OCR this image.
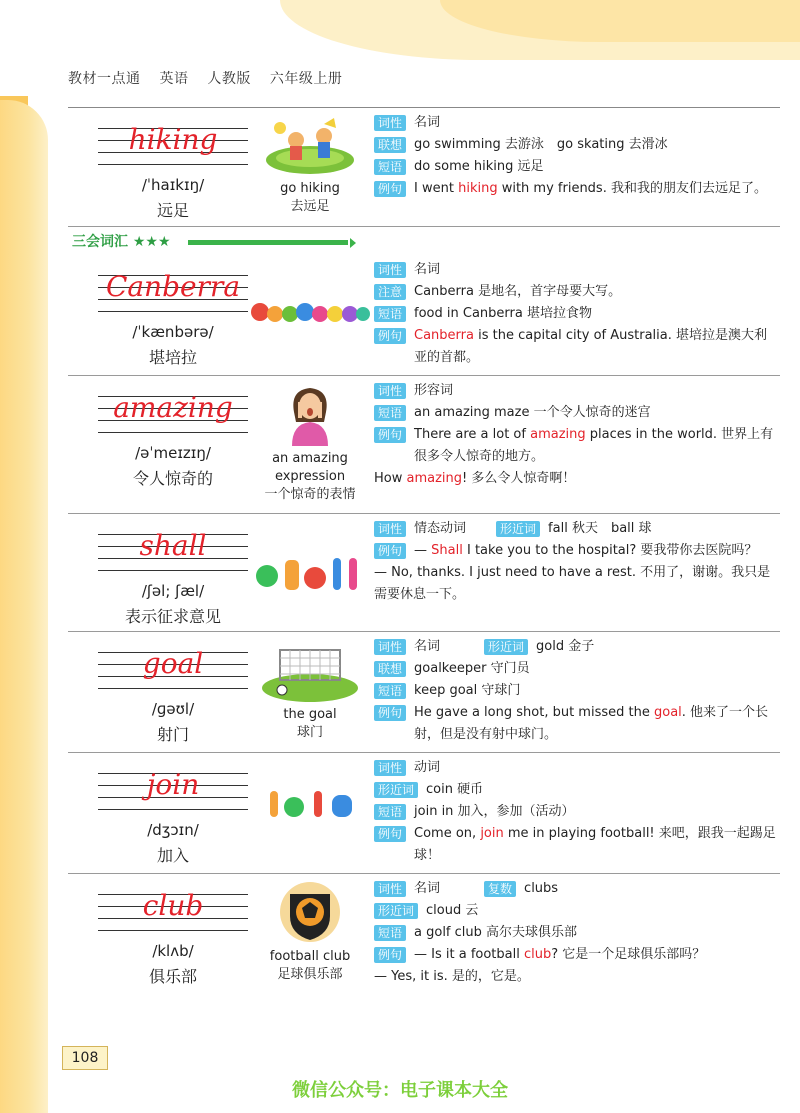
教材一点通 英语 人教版 六年级上册
hiking
/ˈhaɪkɪŋ/
远足
go hiking
去远足
词性 名词
联想 go swimming 去游泳　go skating 去滑冰
短语 do some hiking 远足
例句 I went hiking with my friends. 我和我的朋友们去远足了。
三会词汇 ★★★
Canberra
/ˈkænbərə/
堪培拉
词性 名词
注意 Canberra 是地名，首字母要大写。
短语 food in Canberra 堪培拉食物
例句 Canberra is the capital city of Australia. 堪培拉是澳大利亚的首都。
amazing
/əˈmeɪzɪŋ/
令人惊奇的
an amazing
expression
一个惊奇的表情
词性 形容词
短语 an amazing maze 一个令人惊奇的迷宫
例句 There are a lot of amazing places in the world. 世界上有很多令人惊奇的地方。
How amazing! 多么令人惊奇啊！
shall
/ʃəl; ʃæl/
表示征求意见
词性 情态动词	形近词 fall 秋天　ball 球
例句 — Shall I take you to the hospital? 要我带你去医院吗？
— No, thanks. I just need to have a rest. 不用了，谢谢。我只是需要休息一下。
goal
/ɡəʊl/
射门
the goal
球门
词性 名词	形近词 gold 金子
联想 goalkeeper 守门员
短语 keep goal 守球门
例句 He gave a long shot, but missed the goal. 他来了一个长射，但是没有射中球门。
join
/dʒɔɪn/
加入
词性 动词
形近词 coin 硬币
短语 join in 加入，参加（活动）
例句 Come on, join me in playing football! 来吧，跟我一起踢足球！
club
/klʌb/
俱乐部
football club
足球俱乐部
词性 名词	复数 clubs
形近词 cloud 云
短语 a golf club 高尔夫球俱乐部
例句 — Is it a football club? 它是一个足球俱乐部吗？
— Yes, it is. 是的，它是。
108
微信公众号：电子课本大全
